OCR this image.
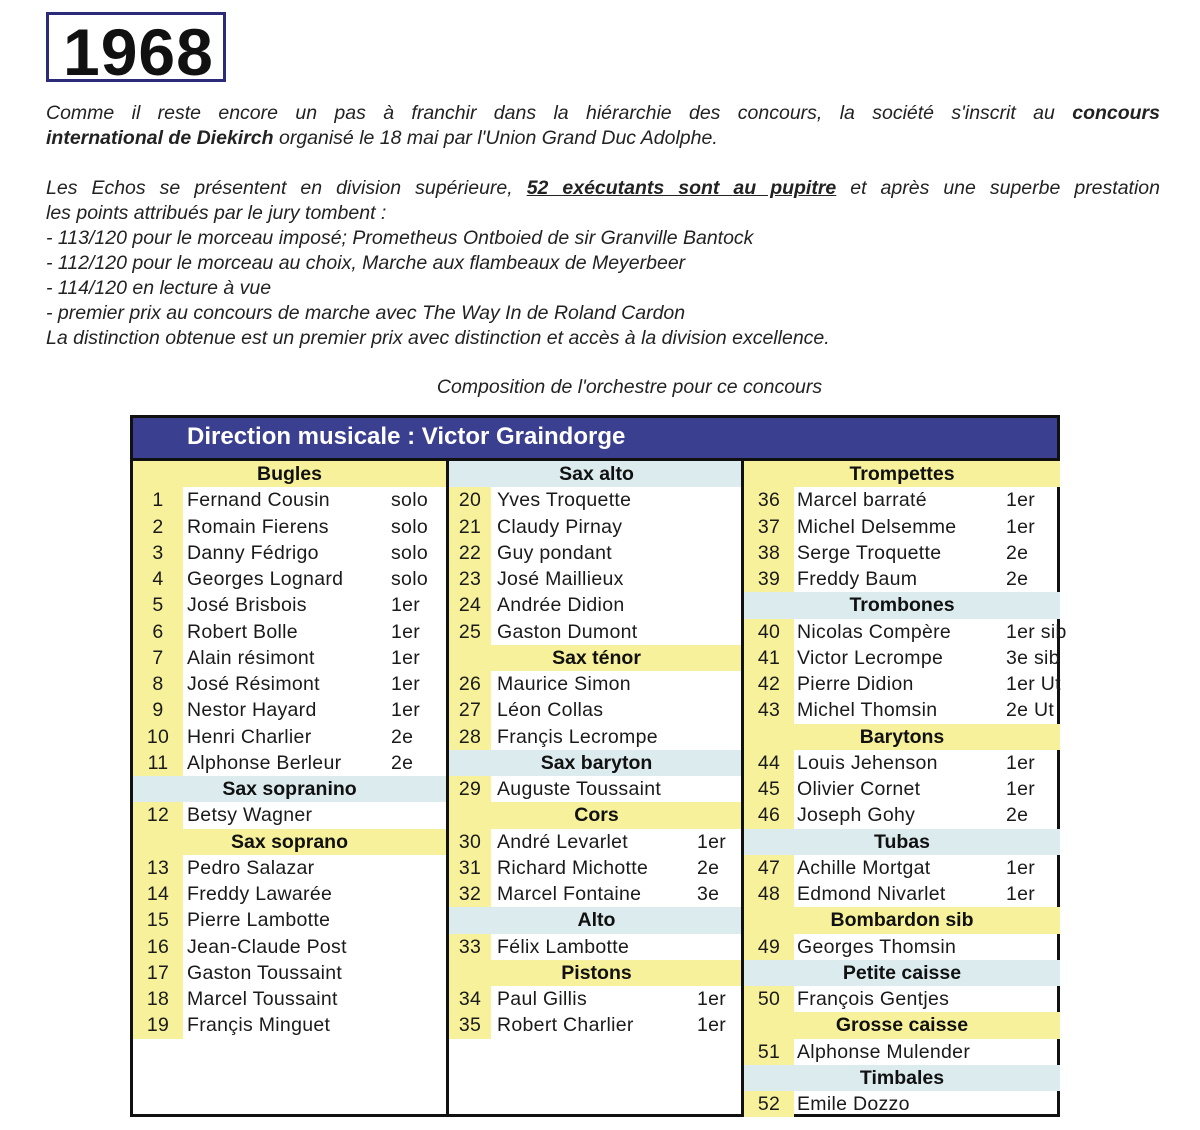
1968
Comme il reste encore un pas à franchir dans la hiérarchie des concours, la société s'inscrit au concours
international de Diekirch organisé le 18 mai par l'Union Grand Duc Adolphe.
Les Echos se présentent en division supérieure, 52 exécutants sont au pupitre et après une superbe prestation
les points attribués par le jury tombent :
- 113/120 pour le morceau imposé; Prometheus Ontboied de sir Granville Bantock
- 112/120 pour le morceau au choix, Marche aux flambeaux de Meyerbeer
- 114/120 en lecture à vue
- premier prix au concours de marche avec The Way In de Roland Cardon
La distinction obtenue est un premier prix avec distinction et accès à la division excellence.
Composition de l'orchestre pour ce concours
Direction musicale : Victor Graindorge
Bugles
1	Fernand Cousin	solo
2	Romain Fierens	solo
3	Danny Fédrigo	solo
4	Georges Lognard solo
5	José Brisbois	1er
6	Robert Bolle	1er
7	Alain résimont	1er
8	José Résimont	1er
9	Nestor Hayard	1er
10 Henri Charlier	2e
11 Alphonse Berleur	2e
Sax sopranino
12 Betsy Wagner
Sax soprano
13 Pedro Salazar
14 Freddy Lawarée
15 Pierre Lambotte
16 Jean-Claude Post
17 Gaston Toussaint
18 Marcel Toussaint
19 Françis Minguet
Sax alto
20 Yves Troquette
21 Claudy Pirnay
22 Guy pondant
23 José Maillieux
24 Andrée Didion
25 Gaston Dumont
Sax ténor
26 Maurice Simon
27 Léon Collas
28 Françis Lecrompe
Sax baryton
29 Auguste Toussaint
Cors
30 André Levarlet	1er
31 Richard Michotte	2e
32 Marcel Fontaine	3e
Alto
33 Félix Lambotte
Pistons
34 Paul Gillis	1er
35 Robert Charlier	1er
Trompettes
36 Marcel barraté	1er
37 Michel Delsemme	1er
38 Serge Troquette	2e
39 Freddy Baum	2e
Trombones
40 Nicolas Compère	1er sib
41 Victor Lecrompe	3e sib
42 Pierre Didion	1er Ut
43 Michel Thomsin	2e Ut
Barytons
44 Louis Jehenson	1er
45 Olivier Cornet	1er
46 Joseph Gohy	2e
Tubas
47 Achille Mortgat	1er
48 Edmond Nivarlet	1er
Bombardon sib
49 Georges Thomsin
Petite caisse
50 François Gentjes
Grosse caisse
51 Alphonse Mulender
Timbales
52 Emile Dozzo
